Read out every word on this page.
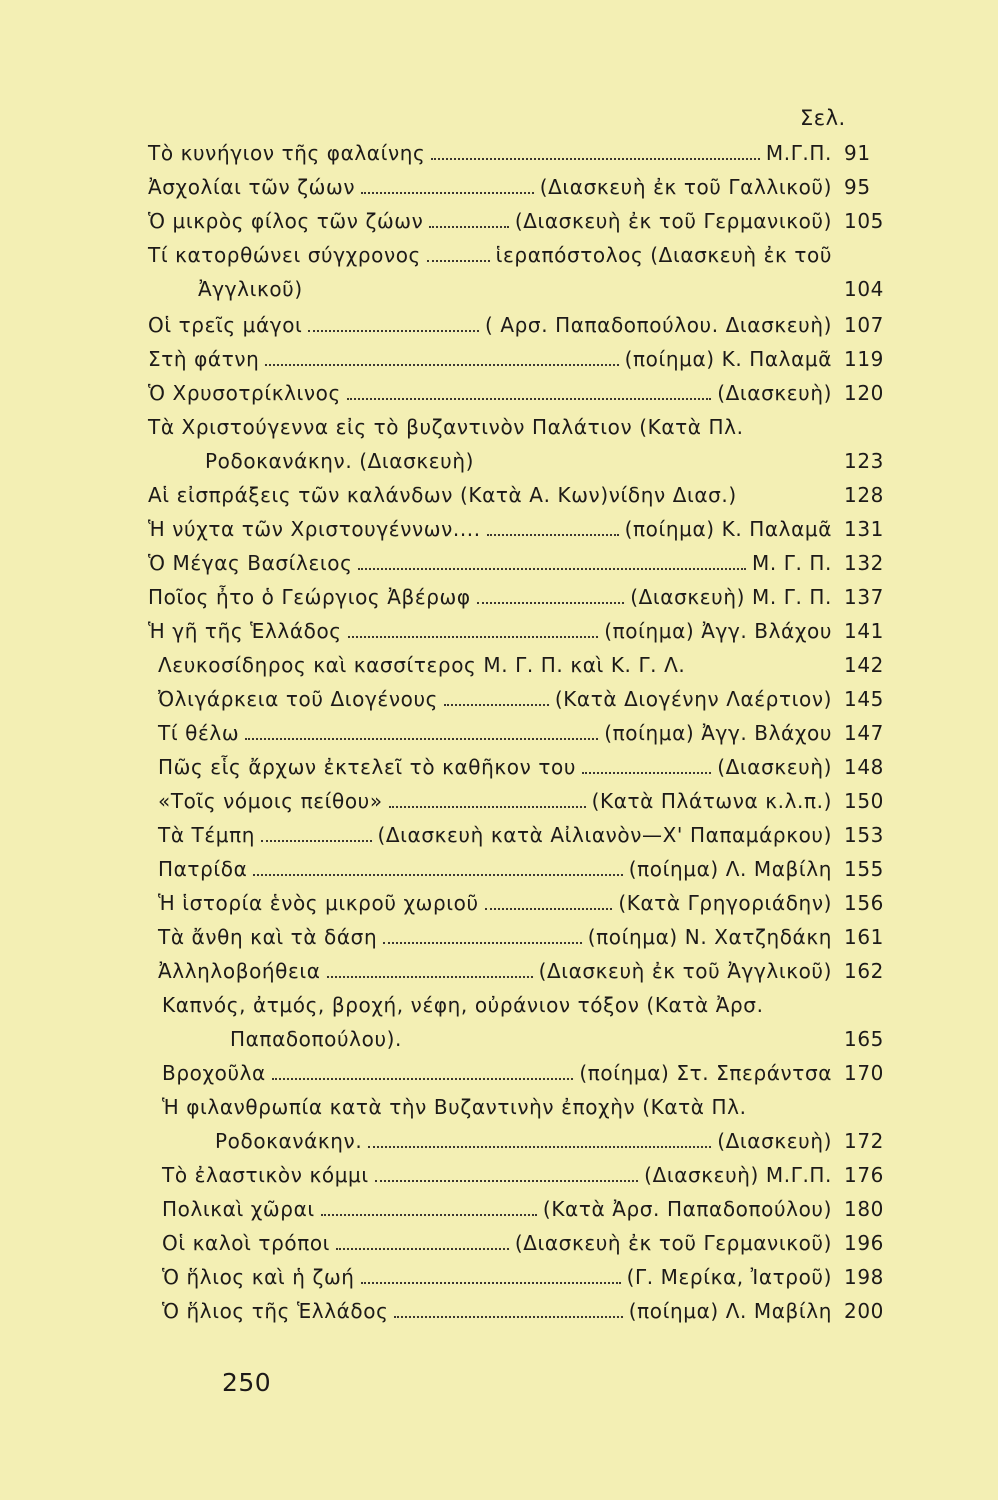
Σελ.
Τὸ κυνήγιον τῆς φαλαίνης	Μ.Γ.Π. 91
Ἀσχολίαι τῶν ζώων	(Διασκευὴ ἐκ τοῦ Γαλλικοῦ) 95
Ὁ μικρὸς φίλος τῶν ζώων	(Διασκευὴ ἐκ τοῦ Γερμανικοῦ) 105
Τί κατορθώνει σύγχρονος	ἱεραπόστολος (Διασκευὴ ἐκ τοῦ
Ἀγγλικοῦ)	104
Οἱ τρεῖς μάγοι	( Αρσ. Παπαδοπούλου. Διασκευὴ) 107
Στὴ φάτνη	(ποίημα) Κ. Παλαμᾶ 119
Ὁ Χρυσοτρίκλινος	(Διασκευὴ) 120
Τὰ Χριστούγεννα εἰς τὸ βυζαντινὸν Παλάτιον (Κατὰ Πλ.
Ροδοκανάκην. (Διασκευὴ)	123
Αἱ εἰσπράξεις τῶν καλάνδων (Κατὰ Α. Κων)νίδην Διασ.)	128
Ἡ νύχτα τῶν Χριστουγέννων....	(ποίημα) Κ. Παλαμᾶ 131
Ὁ Μέγας Βασίλειος	Μ. Γ. Π. 132
Ποῖος ἦτο ὁ Γεώργιος Ἀβέρωφ	(Διασκευὴ) Μ. Γ. Π. 137
Ἡ γῆ τῆς Ἑλλάδος	(ποίημα) Ἀγγ. Βλάχου 141
Λευκοσίδηρος καὶ κασσίτερος Μ. Γ. Π. καὶ Κ. Γ. Λ.	142
Ὀλιγάρκεια τοῦ Διογένους	(Κατὰ Διογένην Λαέρτιον) 145
Τί θέλω	(ποίημα) Ἀγγ. Βλάχου 147
Πῶς εἷς ἄρχων ἐκτελεῖ τὸ καθῆκον του	(Διασκευὴ) 148
«Τοῖς νόμοις πείθου»	(Κατὰ Πλάτωνα κ.λ.π.) 150
Τὰ Τέμπη	(Διασκευὴ κατὰ Αἰλιανὸν—Χ' Παπαμάρκου) 153
Πατρίδα	(ποίημα) Λ. Μαβίλη 155
Ἡ ἱστορία ἑνὸς μικροῦ χωριοῦ	(Κατὰ Γρηγοριάδην) 156
Τὰ ἄνθη καὶ τὰ δάση	(ποίημα) Ν. Χατζηδάκη 161
Ἀλληλοβοήθεια	(Διασκευὴ ἐκ τοῦ Ἀγγλικοῦ) 162
Καπνός, ἀτμός, βροχή, νέφη, οὐράνιον τόξον (Κατὰ Ἀρσ.
Παπαδοπούλου).	165
Βροχοῦλα	(ποίημα) Στ. Σπεράντσα 170
Ἡ φιλανθρωπία κατὰ τὴν Βυζαντινὴν ἐποχὴν (Κατὰ Πλ.
Ροδοκανάκην.	(Διασκευὴ) 172
Τὸ ἐλαστικὸν κόμμι	(Διασκευὴ) Μ.Γ.Π. 176
Πολικαὶ χῶραι	(Κατὰ Ἀρσ. Παπαδοπούλου) 180
Οἱ καλοὶ τρόποι	(Διασκευὴ ἐκ τοῦ Γερμανικοῦ) 196
Ὁ ἥλιος καὶ ἡ ζωή	(Γ. Μερίκα, Ἰατροῦ) 198
Ὁ ἥλιος τῆς Ἑλλάδος	(ποίημα) Λ. Μαβίλη 200
250
